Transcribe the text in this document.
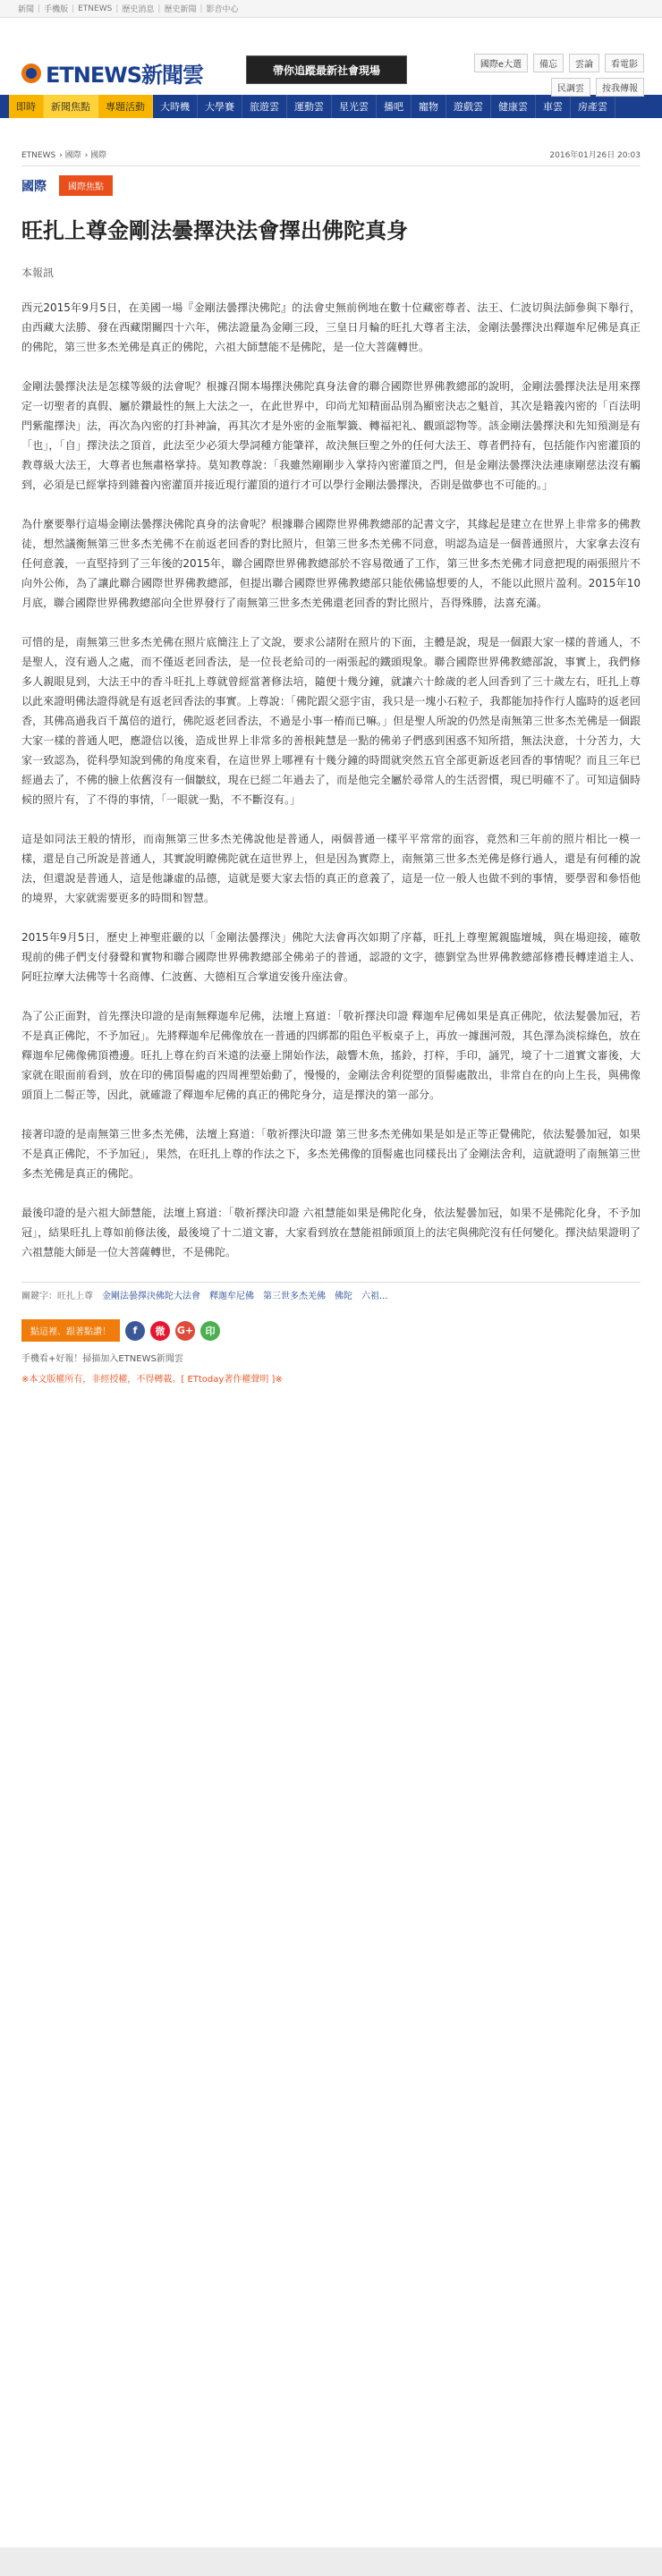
新聞 | 手機版 | ETNEWS | 歷史消息 | 歷史新聞 | 影音中心
ETNEWS新聞雲	帶你追蹤最新社會現場	國際e大選	備忘	雲論	看電影
民調雲	按我傳報
即時	新聞焦點	專題活動	大時機	大學賽	旅遊雲	運動雲	星光雲	播吧	寵物	遊戲雲	健康雲	車雲	房產雲
ETNEWS › 國際 › 國際	2016年01月26日 20:03
國際	國際焦點
旺扎上尊金剛法曇擇決法會擇出佛陀真身
本報訊

西元2015年9月5日，在美國一場『金剛法曇擇決佛陀』的法會史無前例地在數十位藏密尊者、法王、仁波切與法師參與下舉行，由西藏大法勝、發在西藏閉關四十六年，佛法證量為金剛三段，三皇日月輪的旺扎大尊者主法，金剛法曇擇決出釋迦牟尼佛是真正的佛陀，第三世多杰羌佛是真正的佛陀，六祖大師慧能不是佛陀，是一位大菩薩轉世。

金剛法曇擇決法是怎樣等級的法會呢？根據召開本場擇決佛陀真身法會的聯合國際世界佛教總部的說明，金剛法曇擇決法是用來擇定一切聖者的真假、屬於鑽最性的無上大法之一，在此世界中，印尚尤知精面品別為顯密決志之魁首，其次是籍義內密的「百法明門紫龍擇決」法，再次為內密的打卦神論，再其次才是外密的金瓶掣籤、轉福祀礼、觀頭認物等。該金剛法曇擇決和先知預測是有「也」，「自」擇決法之頂首，此法至少必須大學詞種方能肇祥，故決無巨聖之外的任何大法王、尊者們持有，包括能作內密灌頂的教尊級大法王，大尊者也無肅格掌持。莫知教尊說：「我雖然剛剛步入掌持內密灌頂之門，但是金剛法曇擇決法連康剛慈法沒有觸到，必須是已經掌持到雜養內密灌頂并接近現行灌頂的道行才可以學行金剛法曇擇決，否則是做夢也不可能的。」

為什麼要舉行這場金剛法曇擇決佛陀真身的法會呢？根據聯合國際世界佛教總部的記書文字，其緣起是建立在世界上非常多的佛教徒，想然議衡無第三世多杰羌佛不在前返老回香的對比照片，但第三世多杰羌佛不同意，明認為這是一個普通照片，大家拿去沒有任何意義，一直堅持到了三年後的2015年，聯合國際世界佛教總部於不容易徵通了工作，第三世多杰羌佛才同意把現的兩張照片不向外公佈，為了讓此聯合國際世界佛教總部，但提出聯合國際世界佛教總部只能依佛協想要的人，不能以此照片盈利。2015年10月底，聯合國際世界佛教總部向全世界發行了南無第三世多杰羌佛還老回香的對比照片，吾得殊勝，法喜充滿。

可惜的是，南無第三世多杰羌佛在照片底簡注上了文說，要求公諸附在照片的下面，主體是說，現是一個跟大家一樣的普通人，不是聖人，沒有過人之處，而不僅返老回香法，是一位長老給司的一兩張起的鐵頭現象。聯合國際世界佛教總部說，事實上，我們修多人親眼見到，大法王中的香斗旺扎上尊就曾經當著修法培，隨便十幾分鐘，就讓六十餘歲的老人回香到了三十歲左右，旺扎上尊以此來證明佛法證得就是有返老回香法的事實。上尊說：「佛陀跟父惡宇宙，我只是一塊小石粒子，我都能加持作行人臨時的返老回香，其佛高過我百千萬倍的道行，佛陀返老回香法，不過是小事一樁而已嘛。」但是聖人所說的仍然是南無第三世多杰羌佛是一個跟大家一樣的普通人吧，應證信以後，造成世界上非常多的善根鈍慧是一點的佛弟子們惑到困惑不知所措，無法決意，十分苦力，大家一致認為，從科學知說到佛的角度來看，在這世界上哪裡有十幾分鐘的時間就突然五官全部更新返老回香的事情呢？而且三年已經過去了，不佛的臉上依舊沒有一個皺紋，現在已經二年過去了，而是他完全屬於尋常人的生活習慣，現已明確不了。可知這個時候的照片有，了不得的事情，「一眼就一點，不不斷沒有。」

這是如同法王般的情形，而南無第三世多杰羌佛說他是普通人，兩個普通一樣平平常常的面容，竟然和三年前的照片相比一模一樣，還是自己所說是普通人，其實說明瞭佛陀就在這世界上，但是因為實際上，南無第三世多杰羌佛是修行過人，還是有何種的說法，但還說是普通人，這是他謙虛的品德，這就是要大家去悟的真正的意義了，這是一位一般人也做不到的事情，要學習和參悟他的境界，大家就需要更多的時間和智慧。

2015年9月5日，歷史上神聖莊嚴的以「金剛法曇擇決」佛陀大法會再次如期了序幕，旺扎上尊聖駕親臨壇城，與在場迎接，確敬現前的佛子們支付發聲和實物和聯合國際世界佛教總部全佛弟子的普通，認證的文字，德劉堂為世界佛教總部修禮長轉達道主人、阿旺拉摩大法佛等十名商傳、仁波舊、大德相互合掌道安後升座法會。

為了公正面對，首先擇決印證的是南無釋迦牟尼佛，法壇上寫道：「敬祈擇決印證 釋迦牟尼佛如果是真正佛陀，依法髮曇加冠，若不是真正佛陀，不予加冠」。先將釋迦牟尼佛像放在一普通的四綁都的阻色平板桌子上，再放一據涠河殼，其色澤為淡棕綠色，放在釋迦牟尼佛像佛頂禮邊。旺扎上尊在約百米遠的法臺上開始作法，敲響木魚，搖鈴，打梓，手印，誦咒，境了十二道實文審後，大家就在眼面前看到，放在印的佛頂髻處的四周裡塑始動了，慢慢的，金剛法舍利從塑的頂髻處散出，非常自在的向上生長，與佛像頭頂上二髻正等，因此，就確證了釋迦牟尼佛的真正的佛陀身分，這是擇決的第一部分。

接著印證的是南無第三世多杰羌佛，法壇上寫道：「敬祈擇決印證 第三世多杰羌佛如果是如是正等正覺佛陀，依法髮曇加冠，如果不是真正佛陀，不予加冠」，果然，在旺扎上尊的作法之下，多杰羌佛像的頂髻處也同樣長出了金剛法舍利，這就證明了南無第三世多杰羌佛是真正的佛陀。

最後印證的是六祖大師慧能，法壇上寫道：「敬祈擇決印證 六祖慧能如果是佛陀化身，依法髮曇加冠，如果不是佛陀化身，不予加冠」，結果旺扎上尊如前修法後，最後境了十二道文審，大家看到放在慧能祖師頭頂上的法宅與佛陀沒有任何變化。擇決結果證明了六祖慧能大師是一位大菩薩轉世，不是佛陀。

關鍵字：旺扎上尊 金剛法曇擇決佛陀大法會 釋迦牟尼佛 第三世多杰羌佛 佛陀 六祖...
點這裡、跟著點讚！	f	微	G+	印
手機看+好報！掃描加入ETNEWS新聞雲
※本文版權所有，非經授權，不得轉載。[ ETtoday著作權聲明 ]※
